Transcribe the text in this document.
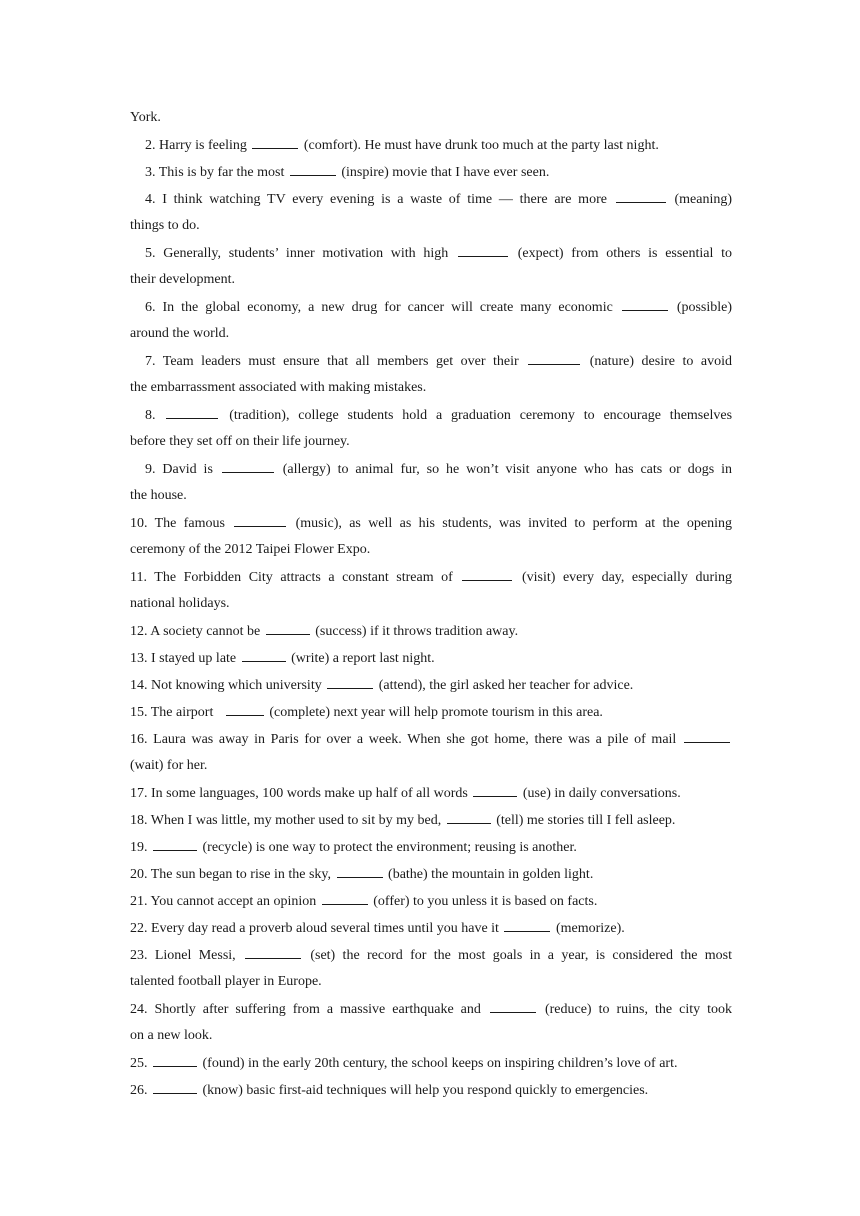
York.
2. Harry is feeling	(comfort). He must have drunk too much at the party last night.
3. This is by far the most	(inspire) movie that I have ever seen.
4. I think watching TV every evening is a waste of time — there are more	(meaning)
things to do.
5. Generally, students’ inner motivation with high	(expect) from others is essential to
their development.
6. In the global economy, a new drug for cancer will create many economic	(possible)
around the world.
7. Team leaders must ensure that all members get over their	(nature) desire to avoid
the embarrassment associated with making mistakes.
8.	(tradition), college students hold a graduation ceremony to encourage themselves
before they set off on their life journey.
9. David is	(allergy) to animal fur, so he won’t visit anyone who has cats or dogs in
the house.
10. The famous	(music), as well as his students, was invited to perform at the opening
ceremony of the 2012 Taipei Flower Expo.
11. The Forbidden City attracts a constant stream of	(visit) every day, especially during
national holidays.
12. A society cannot be	(success) if it throws tradition away.
13. I stayed up late	(write) a report last night.
14. Not knowing which university	(attend), the girl asked her teacher for advice.
15. The airport	(complete) next year will help promote tourism in this area.
16. Laura was away in Paris for over a week. When she got home, there was a pile of mail
(wait) for her.
17. In some languages, 100 words make up half of all words	(use) in daily conversations.
18. When I was little, my mother used to sit by my bed,	(tell) me stories till I fell asleep.
19.	(recycle) is one way to protect the environment; reusing is another.
20. The sun began to rise in the sky,	(bathe) the mountain in golden light.
21. You cannot accept an opinion	(offer) to you unless it is based on facts.
22. Every day read a proverb aloud several times until you have it	(memorize).
23. Lionel Messi,	(set) the record for the most goals in a year, is considered the most
talented football player in Europe.
24. Shortly after suffering from a massive earthquake and	(reduce) to ruins, the city took
on a new look.
25.	(found) in the early 20th century, the school keeps on inspiring children’s love of art.
26.	(know) basic first-aid techniques will help you respond quickly to emergencies.
